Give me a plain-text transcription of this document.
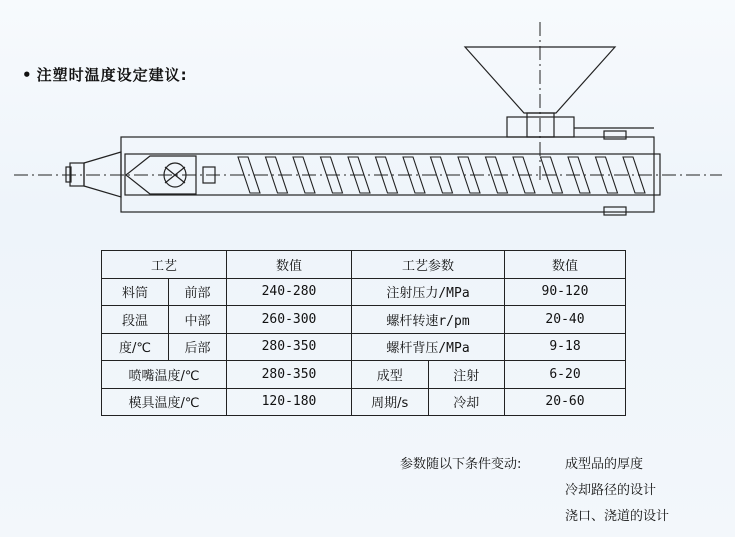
• 注塑时温度设定建议:
工艺		数值	工艺参数		数值
料筒	前部	240-280	注射压力/MPa		90-120
段温	中部	260-300	螺杆转速r/pm		20-40
度/℃	后部	280-350	螺杆背压/MPa		9-18
喷嘴温度/℃		280-350	成型	注射	6-20
模具温度/℃		120-180	周期/s	冷却	20-60
参数随以下条件变动:	成型品的厚度
冷却路径的设计
浇口、浇道的设计
